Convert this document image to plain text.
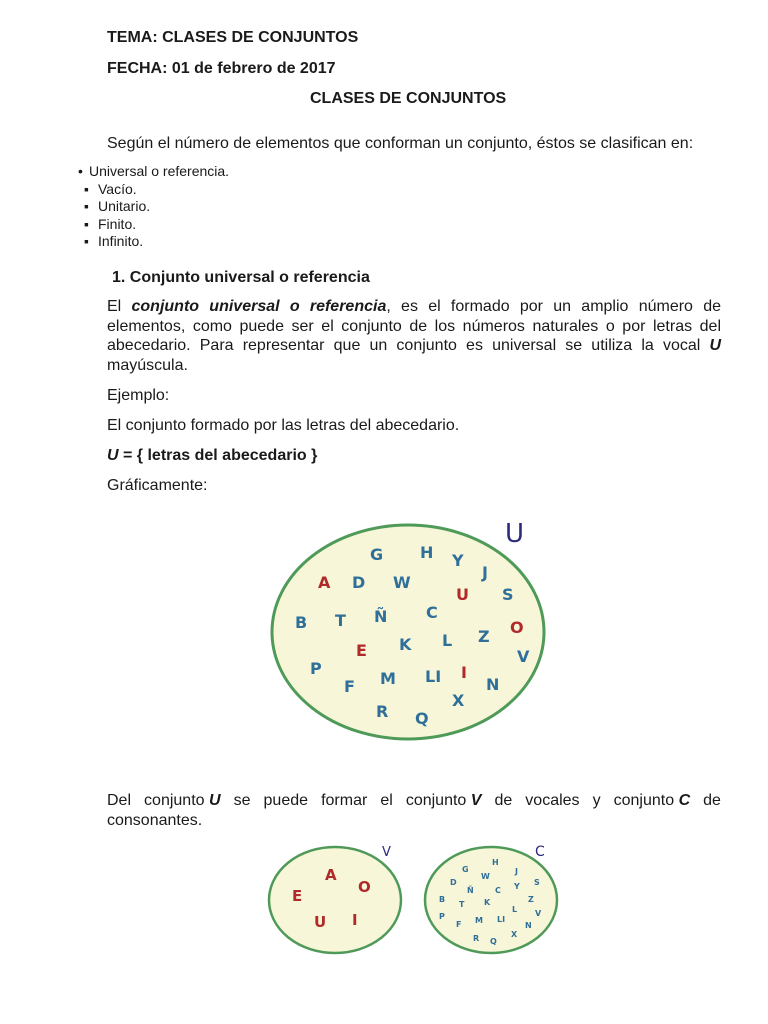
TEMA: CLASES DE CONJUNTOS
FECHA: 01 de febrero de 2017
CLASES DE CONJUNTOS
Según el número de elementos que conforman un conjunto, éstos se clasifican en:
• Universal o referencia.
▪ Vacío.
▪ Unitario.
▪ Finito.
▪ Infinito.
1. Conjunto universal o referencia
El conjunto universal o referencia, es el formado por un amplio número de
elementos, como puede ser el conjunto de los números naturales o por letras del
abecedario. Para representar que un conjunto es universal se utiliza la vocal U
mayúscula.
Ejemplo:
El conjunto formado por las letras del abecedario.
U = { letras del abecedario }
Gráficamente:
U
G H Y
J
A D W
U S
B T Ñ C
O
E K L Z
V
P
M LI I
N
F
X
R Q
Del conjunto U se puede formar el conjunto V de vocales y conjunto C de
consonantes.
V
A
O
E
U I
C
H
G
W
J
D	Y S
Ñ	C
B
T K	Z
L V
P
F M LI
N
X
R Q
